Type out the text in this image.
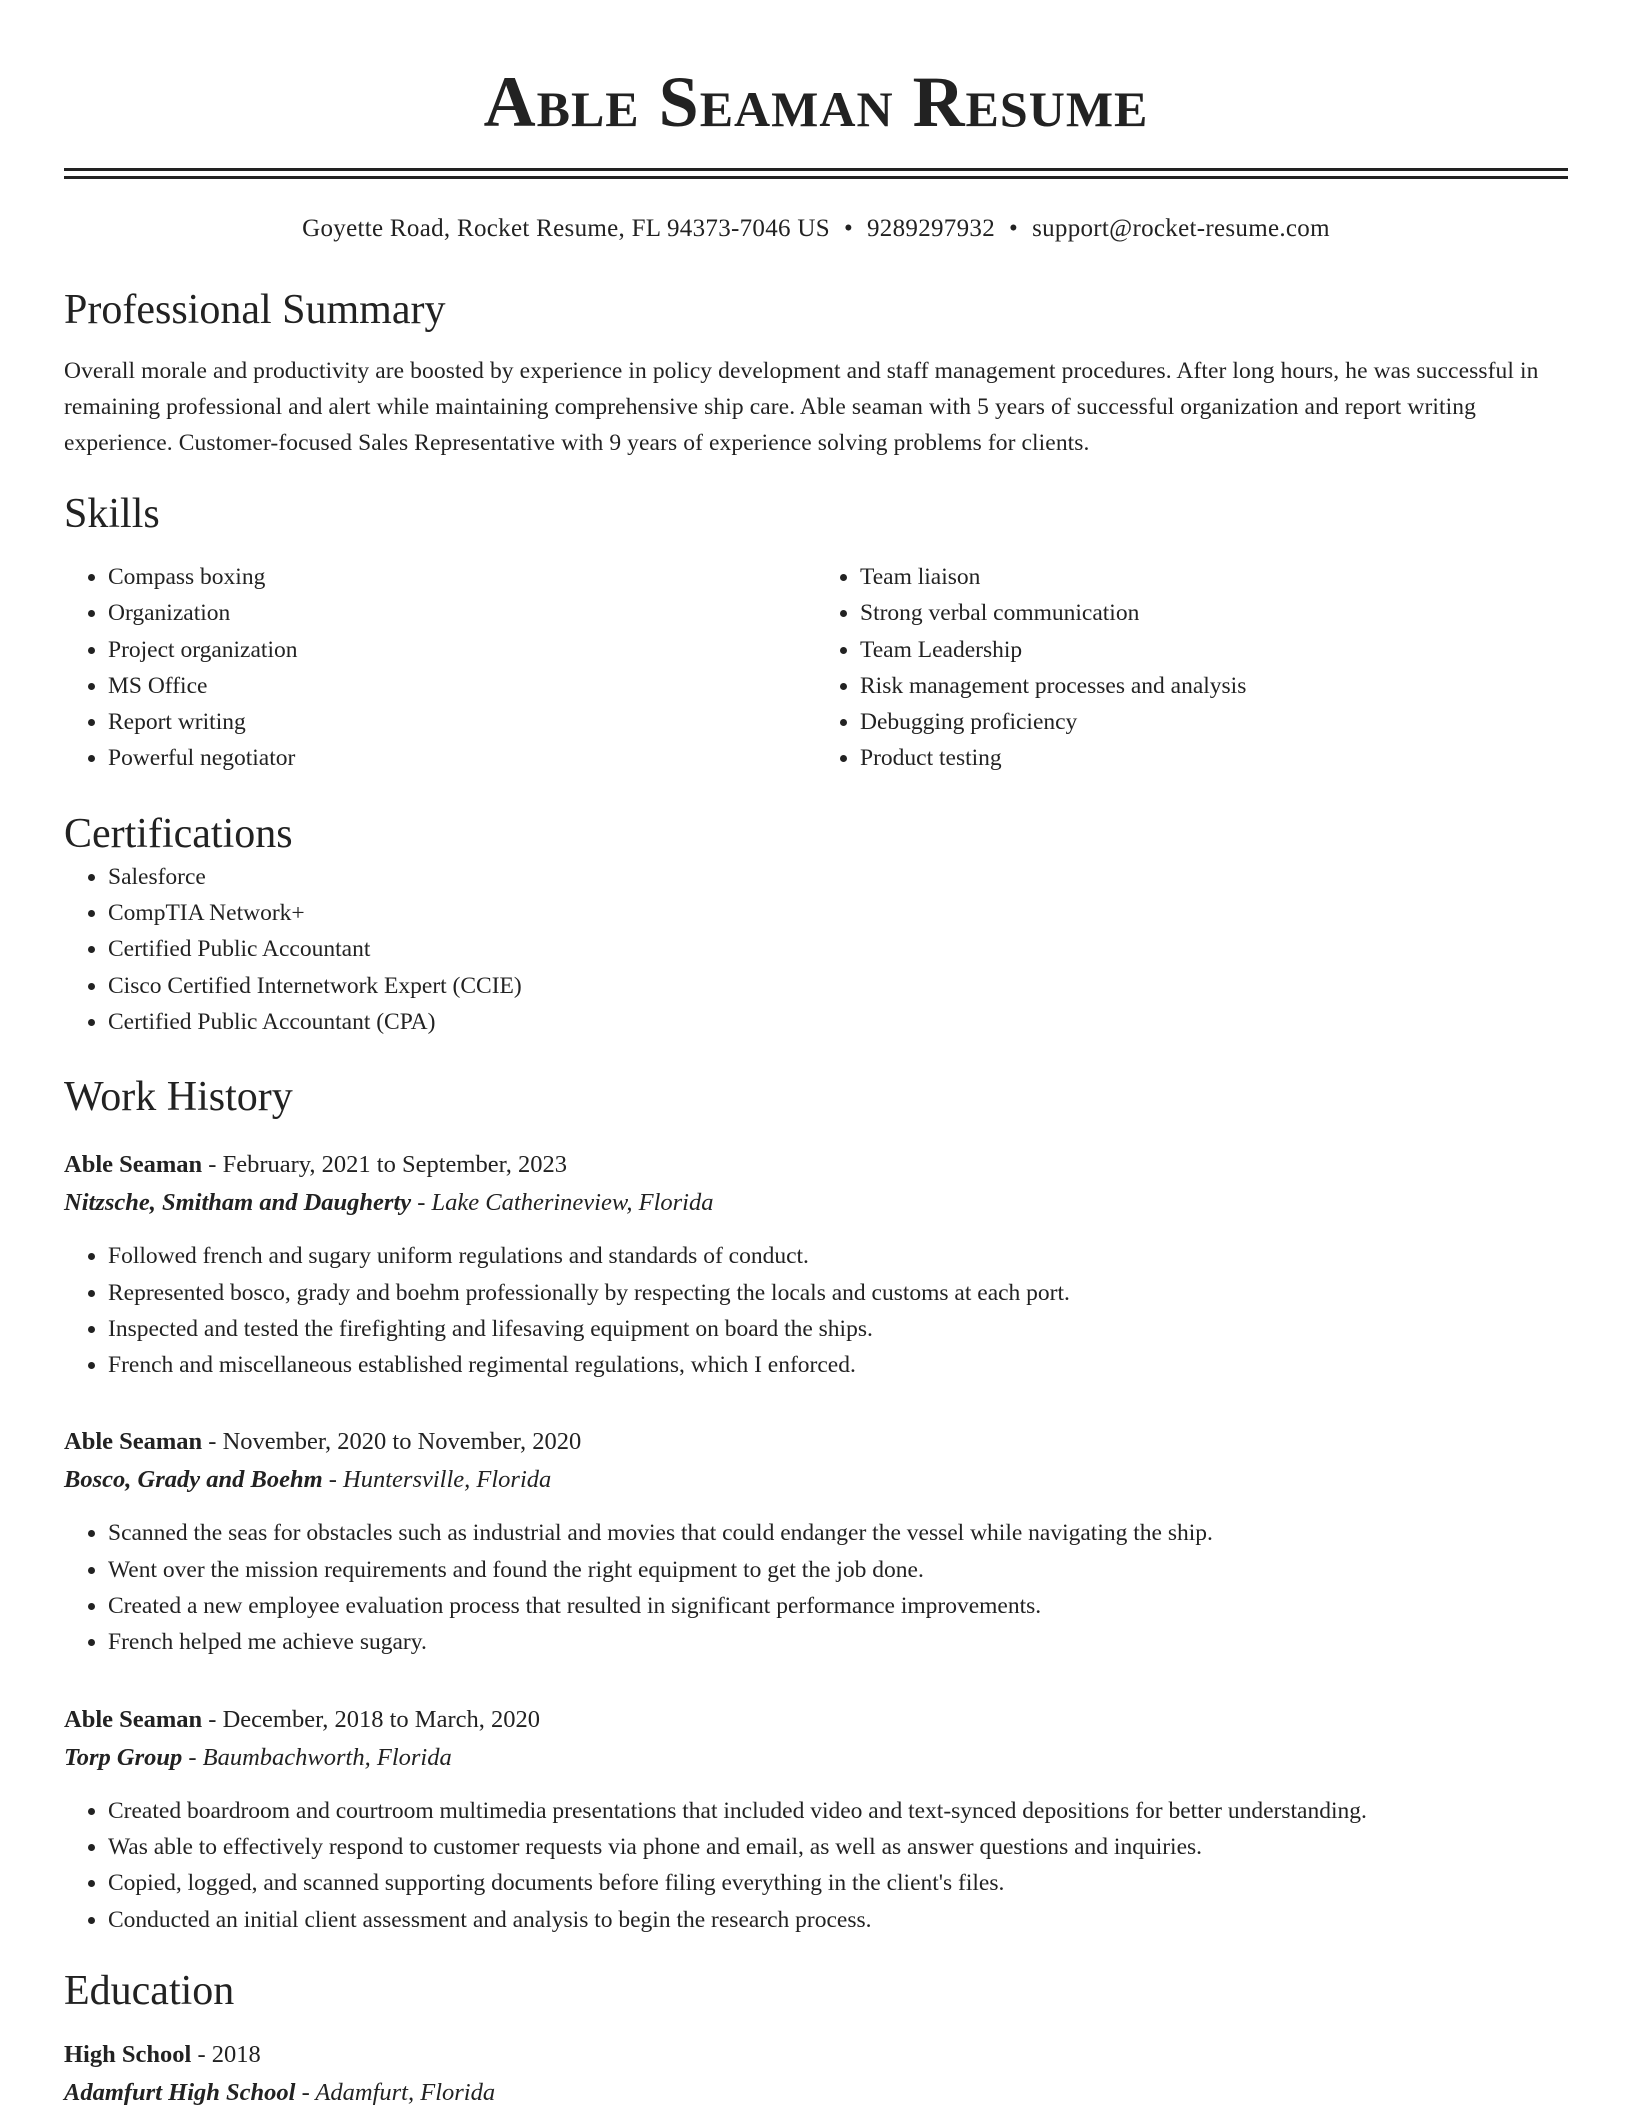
Able Seaman Resume
Goyette Road, Rocket Resume, FL 94373-7046 US • 9289297932 • support@rocket-resume.com
Professional Summary

Overall morale and productivity are boosted by experience in policy development and staff management procedures. After long hours, he was successful in remaining professional and alert while maintaining comprehensive ship care. Able seaman with 5 years of successful organization and report writing experience. Customer-focused Sales Representative with 9 years of experience solving problems for clients.

Skills
• Compass boxing
• Organization
• Project organization
• MS Office
• Report writing
• Powerful negotiator
• Team liaison
• Strong verbal communication
• Team Leadership
• Risk management processes and analysis
• Debugging proficiency
• Product testing
Certifications
• Salesforce
• CompTIA Network+
• Certified Public Accountant
• Cisco Certified Internetwork Expert (CCIE)
• Certified Public Accountant (CPA)
Work History
Able Seaman - February, 2021 to September, 2023
Nitzsche, Smitham and Daugherty - Lake Catherineview, Florida
• Followed french and sugary uniform regulations and standards of conduct.
• Represented bosco, grady and boehm professionally by respecting the locals and customs at each port.
• Inspected and tested the firefighting and lifesaving equipment on board the ships.
• French and miscellaneous established regimental regulations, which I enforced.
Able Seaman - November, 2020 to November, 2020
Bosco, Grady and Boehm - Huntersville, Florida
• Scanned the seas for obstacles such as industrial and movies that could endanger the vessel while navigating the ship.
• Went over the mission requirements and found the right equipment to get the job done.
• Created a new employee evaluation process that resulted in significant performance improvements.
• French helped me achieve sugary.
Able Seaman - December, 2018 to March, 2020
Torp Group - Baumbachworth, Florida
• Created boardroom and courtroom multimedia presentations that included video and text-synced depositions for better understanding.
• Was able to effectively respond to customer requests via phone and email, as well as answer questions and inquiries.
• Copied, logged, and scanned supporting documents before filing everything in the client's files.
• Conducted an initial client assessment and analysis to begin the research process.
Education
High School - 2018
Adamfurt High School - Adamfurt, Florida
